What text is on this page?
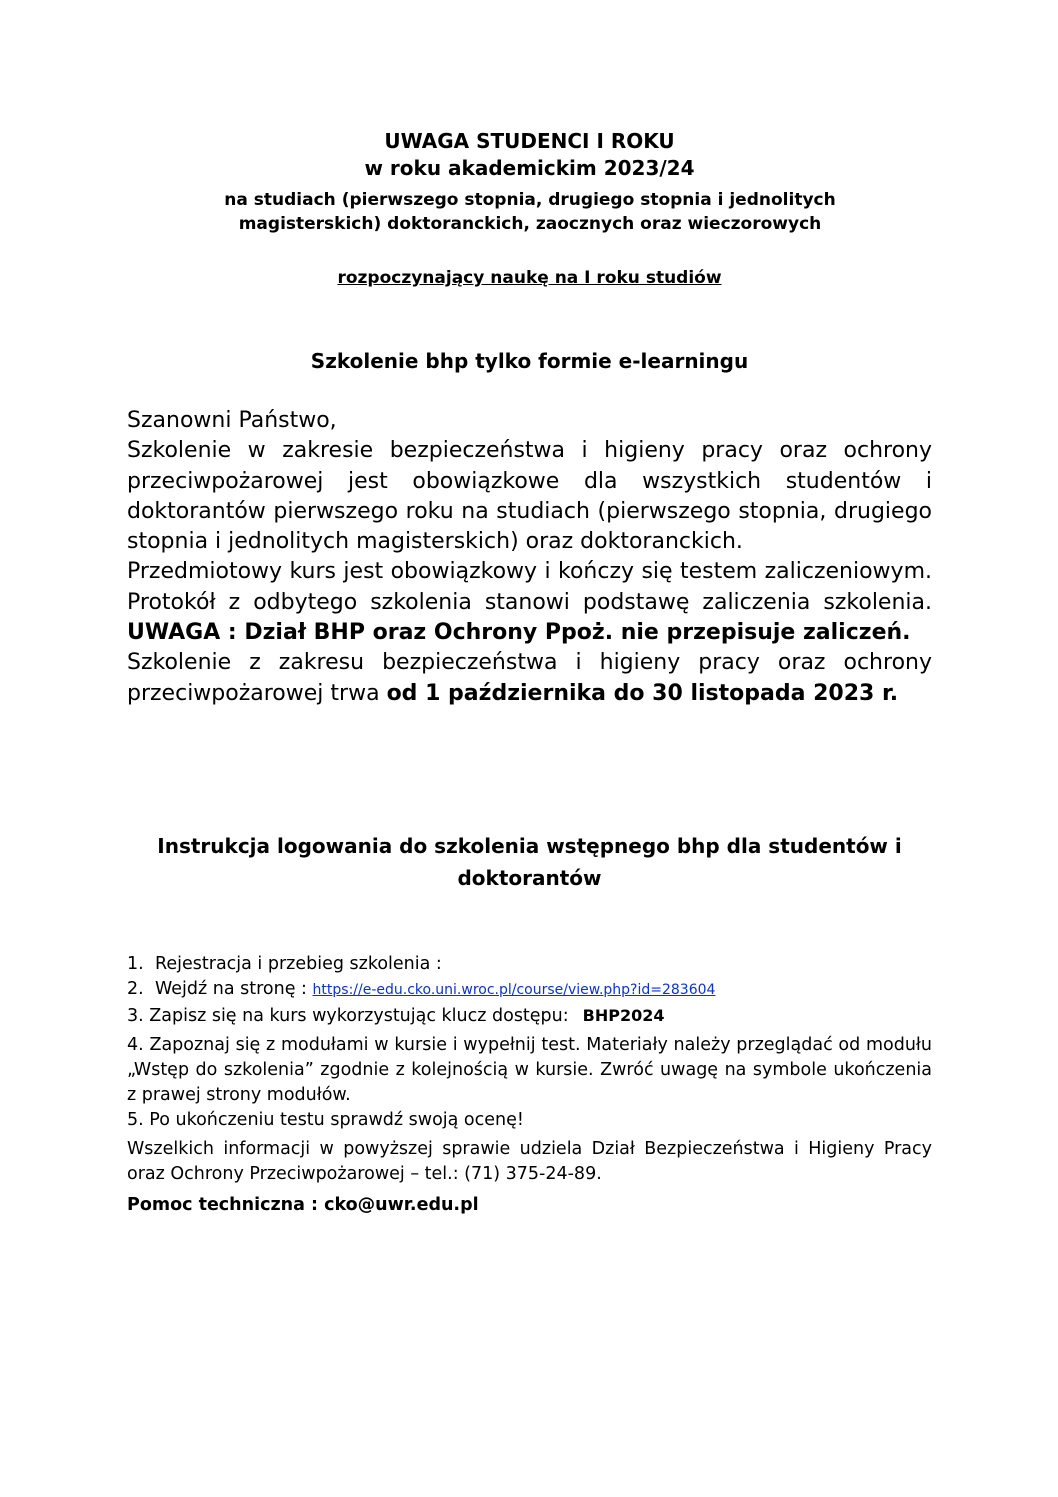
UWAGA STUDENCI I ROKU
w roku akademickim 2023/24
na studiach (pierwszego stopnia, drugiego stopnia i jednolitych
magisterskich) doktoranckich, zaocznych oraz wieczorowych
rozpoczynający naukę na I roku studiów
Szkolenie bhp tylko formie e-learningu

Szanowni Państwo,

Szkolenie w zakresie bezpieczeństwa i higieny pracy oraz ochrony przeciwpożarowej jest obowiązkowe dla wszystkich studentów i doktorantów pierwszego roku na studiach (pierwszego stopnia, drugiego stopnia i jednolitych magisterskich) oraz doktoranckich.

Przedmiotowy kurs jest obowiązkowy i kończy się testem zaliczeniowym. Protokół z odbytego szkolenia stanowi podstawę zaliczenia szkolenia. UWAGA : Dział BHP oraz Ochrony Ppoż. nie przepisuje zaliczeń.

Szkolenie z zakresu bezpieczeństwa i higieny pracy oraz ochrony przeciwpożarowej trwa od 1 października do 30 listopada 2023 r.

Instrukcja logowania do szkolenia wstępnego bhp dla studentów i doktorantów
1. Rejestracja i przebieg szkolenia :
2. Wejdź na stronę : https://e-edu.cko.uni.wroc.pl/course/view.php?id=283604
3. Zapisz się na kurs wykorzystując klucz dostępu: BHP2024
4. Zapoznaj się z modułami w kursie i wypełnij test. Materiały należy przeglądać od modułu „Wstęp do szkolenia” zgodnie z kolejnością w kursie. Zwróć uwagę na symbole ukończenia z prawej strony modułów.
5. Po ukończeniu testu sprawdź swoją ocenę!
Wszelkich informacji w powyższej sprawie udziela Dział Bezpieczeństwa i Higieny Pracy oraz Ochrony Przeciwpożarowej – tel.: (71) 375-24-89.
Pomoc techniczna : cko@uwr.edu.pl
